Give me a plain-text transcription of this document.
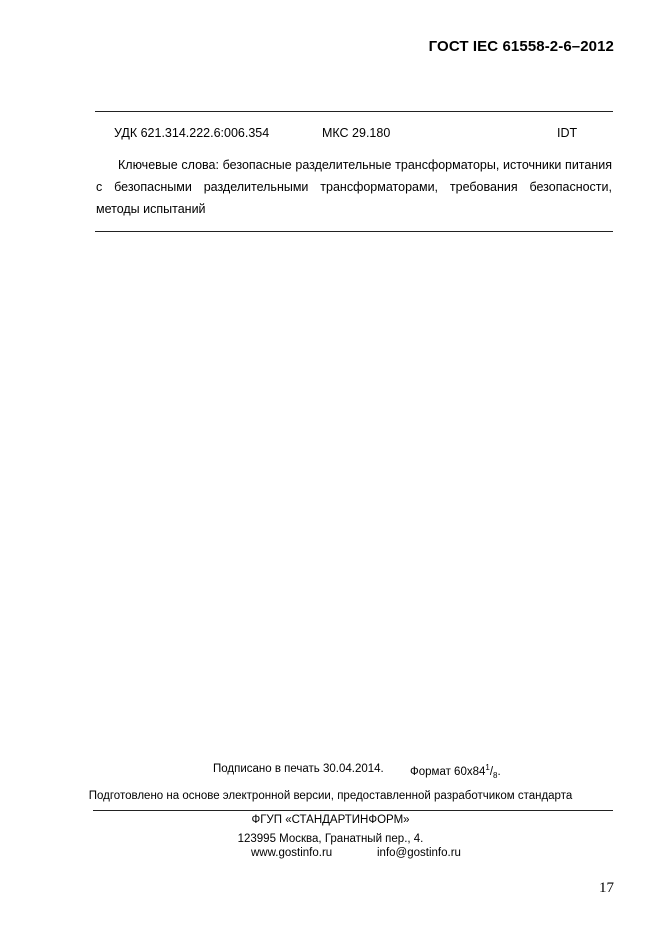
ГОСТ IEC 61558-2-6–2012
УДК 621.314.222.6:006.354	МКС 29.180	IDT
Ключевые слова: безопасные разделительные трансформаторы, источники питания с безопасными разделительными трансформаторами, требования безопасности, методы испытаний
Подписано в печать 30.04.2014. Формат $60x84^1/_8$.
Подготовлено на основе электронной версии, предоставленной разработчиком стандарта
ФГУП «СТАНДАРТИНФОРМ»
123995 Москва, Гранатный пер., 4.
www.gostinfo.ru	info@gostinfo.ru
17
